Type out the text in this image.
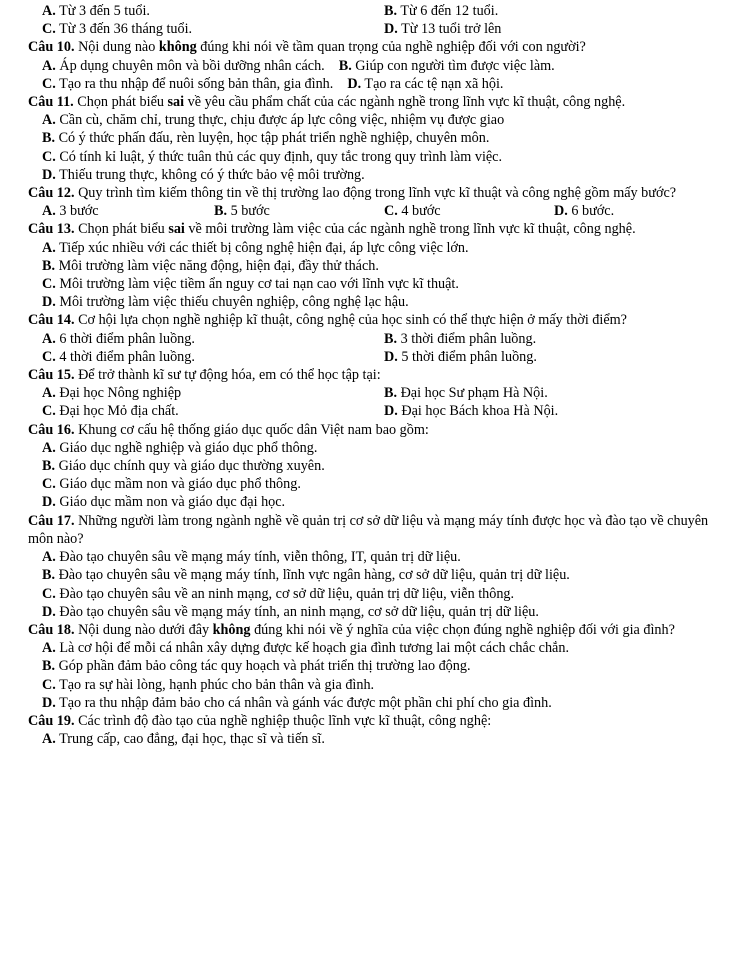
A. Từ 3 đến 5 tuổi.	B. Từ 6 đến 12 tuổi.
C. Từ 3 đến 36 tháng tuổi.	D. Từ 13 tuổi trở lên
Câu 10. Nội dung nào không đúng khi nói về tầm quan trọng của nghề nghiệp đối với con người?
A. Áp dụng chuyên môn và bồi dưỡng nhân cách. B. Giúp con người tìm được việc làm.
C. Tạo ra thu nhập để nuôi sống bản thân, gia đình. D. Tạo ra các tệ nạn xã hội.
Câu 11. Chọn phát biểu sai về yêu cầu phẩm chất của các ngành nghề trong lĩnh vực kĩ thuật, công nghệ.
A. Cần cù, chăm chỉ, trung thực, chịu được áp lực công việc, nhiệm vụ được giao
B. Có ý thức phấn đấu, rèn luyện, học tập phát triển nghề nghiệp, chuyên môn.
C. Có tính kỉ luật, ý thức tuân thủ các quy định, quy tắc trong quy trình làm việc.
D. Thiếu trung thực, không có ý thức bảo vệ môi trường.
Câu 12. Quy trình tìm kiếm thông tin về thị trường lao động trong lĩnh vực kĩ thuật và công nghệ gồm mấy bước?
A. 3 bước	B. 5 bước	C. 4 bước	D. 6 bước.
Câu 13. Chọn phát biểu sai về môi trường làm việc của các ngành nghề trong lĩnh vực kĩ thuật, công nghệ.
A. Tiếp xúc nhiều với các thiết bị công nghệ hiện đại, áp lực công việc lớn.
B. Môi trường làm việc năng động, hiện đại, đầy thử thách.
C. Môi trường làm việc tiềm ẩn nguy cơ tai nạn cao với lĩnh vực kĩ thuật.
D. Môi trường làm việc thiếu chuyên nghiệp, công nghệ lạc hậu.
Câu 14. Cơ hội lựa chọn nghề nghiệp kĩ thuật, công nghệ của học sinh có thể thực hiện ở mấy thời điểm?
A. 6 thời điểm phân luồng.	B. 3 thời điểm phân luồng.
C. 4 thời điểm phân luồng.	D. 5 thời điểm phân luồng.
Câu 15. Để trở thành kĩ sư tự động hóa, em có thể học tập tại:
A. Đại học Nông nghiệp	B. Đại học Sư phạm Hà Nội.
C. Đại học Mỏ địa chất.	D. Đại học Bách khoa Hà Nội.
Câu 16. Khung cơ cấu hệ thống giáo dục quốc dân Việt nam bao gồm:
A. Giáo dục nghề nghiệp và giáo dục phổ thông.
B. Giáo dục chính quy và giáo dục thường xuyên.
C. Giáo dục mầm non và giáo dục phổ thông.
D. Giáo dục mầm non và giáo dục đại học.
Câu 17. Những người làm trong ngành nghề về quản trị cơ sở dữ liệu và mạng máy tính được học và đào tạo về chuyên môn nào?
A. Đào tạo chuyên sâu về mạng máy tính, viễn thông, IT, quản trị dữ liệu.
B. Đào tạo chuyên sâu về mạng máy tính, lĩnh vực ngân hàng, cơ sở dữ liệu, quản trị dữ liệu.
C. Đào tạo chuyên sâu về an ninh mạng, cơ sở dữ liệu, quản trị dữ liệu, viễn thông.
D. Đào tạo chuyên sâu về mạng máy tính, an ninh mạng, cơ sở dữ liệu, quản trị dữ liệu.
Câu 18. Nội dung nào dưới đây không đúng khi nói về ý nghĩa của việc chọn đúng nghề nghiệp đối với gia đình?
A. Là cơ hội để mỗi cá nhân xây dựng được kế hoạch gia đình tương lai một cách chắc chắn.
B. Góp phần đảm bảo công tác quy hoạch và phát triển thị trường lao động.
C. Tạo ra sự hài lòng, hạnh phúc cho bản thân và gia đình.
D. Tạo ra thu nhập đảm bảo cho cá nhân và gánh vác được một phần chi phí cho gia đình.
Câu 19. Các trình độ đào tạo của nghề nghiệp thuộc lĩnh vực kĩ thuật, công nghệ:
A. Trung cấp, cao đẳng, đại học, thạc sĩ và tiến sĩ.
